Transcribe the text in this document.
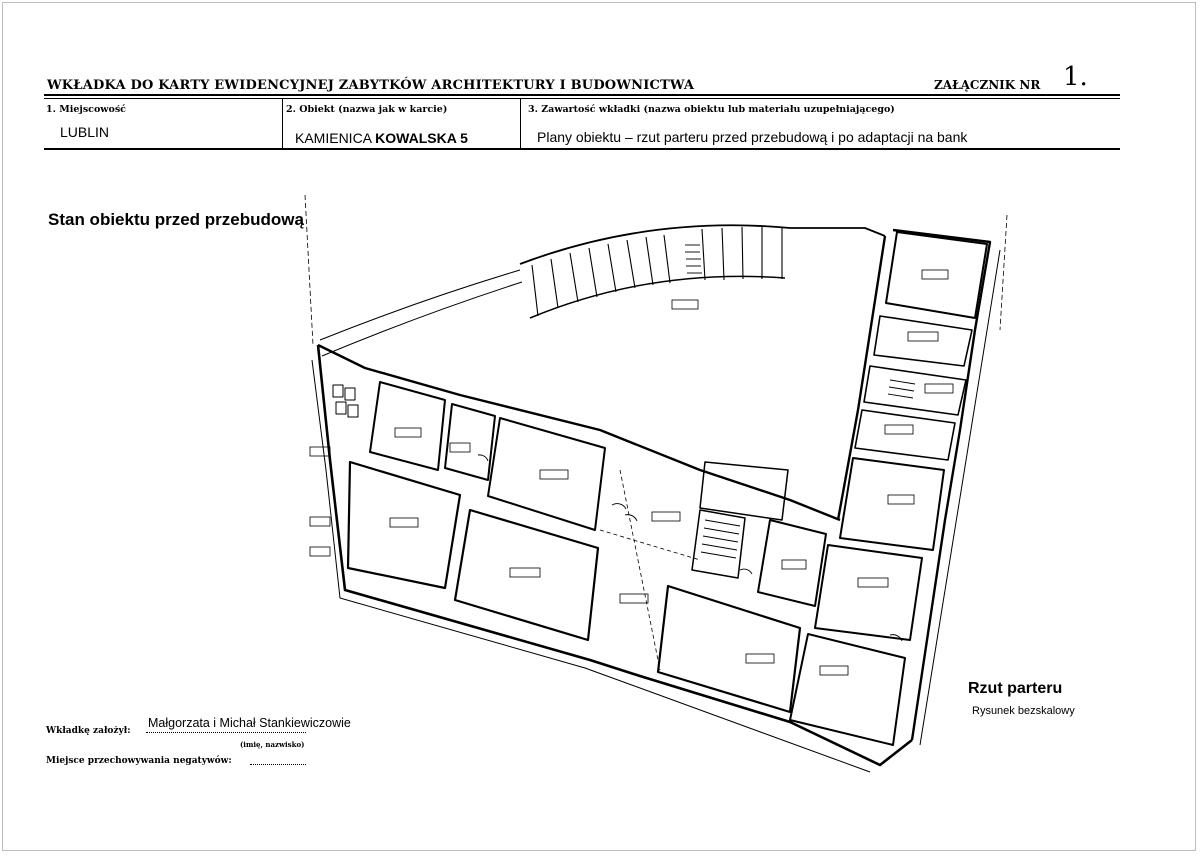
WKŁADKA DO KARTY EWIDENCYJNEJ ZABYTKÓW ARCHITEKTURY I BUDOWNICTWA	ZAŁĄCZNIK NR 1.
1. Miejscowość
LUBLIN
2. Obiekt (nazwa jak w karcie)
KAMIENICA KOWALSKA 5
3. Zawartość wkładki (nazwa obiektu lub materiału uzupełniającego)
Plany obiektu – rzut parteru przed przebudową i po adaptacji na bank
Stan obiektu przed przebudową
Rzut parteru
Rysunek bezskalowy
Wkładkę założył:
Małgorzata i Michał Stankiewiczowie
(imię, nazwisko)
Miejsce przechowywania negatywów:
